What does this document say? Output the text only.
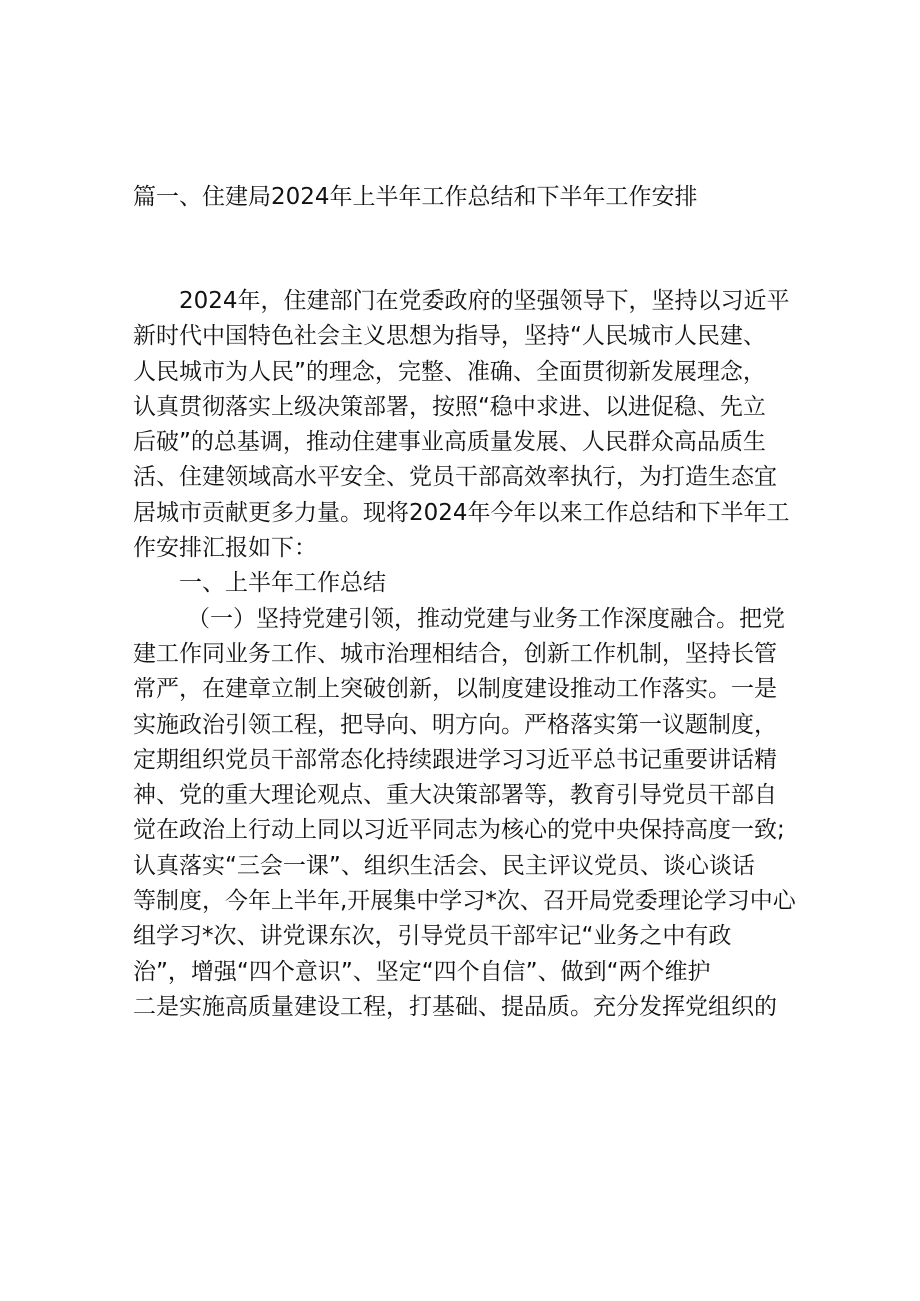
篇一、住建局2024年上半年工作总结和下半年工作安排
2024年，住建部门在党委政府的坚强领导下，坚持以习近平
新时代中国特色社会主义思想为指导，坚持“人民城市人民建、
人民城市为人民”的理念，完整、准确、全面贯彻新发展理念，
认真贯彻落实上级决策部署，按照“稳中求进、以进促稳、先立
后破”的总基调，推动住建事业高质量发展、人民群众高品质生
活、住建领域高水平安全、党员干部高效率执行，为打造生态宜
居城市贡献更多力量。现将2024年今年以来工作总结和下半年工
作安排汇报如下：
一、上半年工作总结
（一）坚持党建引领，推动党建与业务工作深度融合。把党
建工作同业务工作、城市治理相结合，创新工作机制，坚持长管
常严，在建章立制上突破创新，以制度建设推动工作落实。一是
实施政治引领工程，把导向、明方向。严格落实第一议题制度，
定期组织党员干部常态化持续跟进学习习近平总书记重要讲话精
神、党的重大理论观点、重大决策部署等，教育引导党员干部自
觉在政治上行动上同以习近平同志为核心的党中央保持高度一致;
认真落实“三会一课”、组织生活会、民主评议党员、谈心谈话
等制度，今年上半年,开展集中学习*次、召开局党委理论学习中心
组学习*次、讲党课东次，引导党员干部牢记“业务之中有政
治”，增强“四个意识”、坚定“四个自信”、做到“两个维护
二是实施高质量建设工程，打基础、提品质。充分发挥党组织的
